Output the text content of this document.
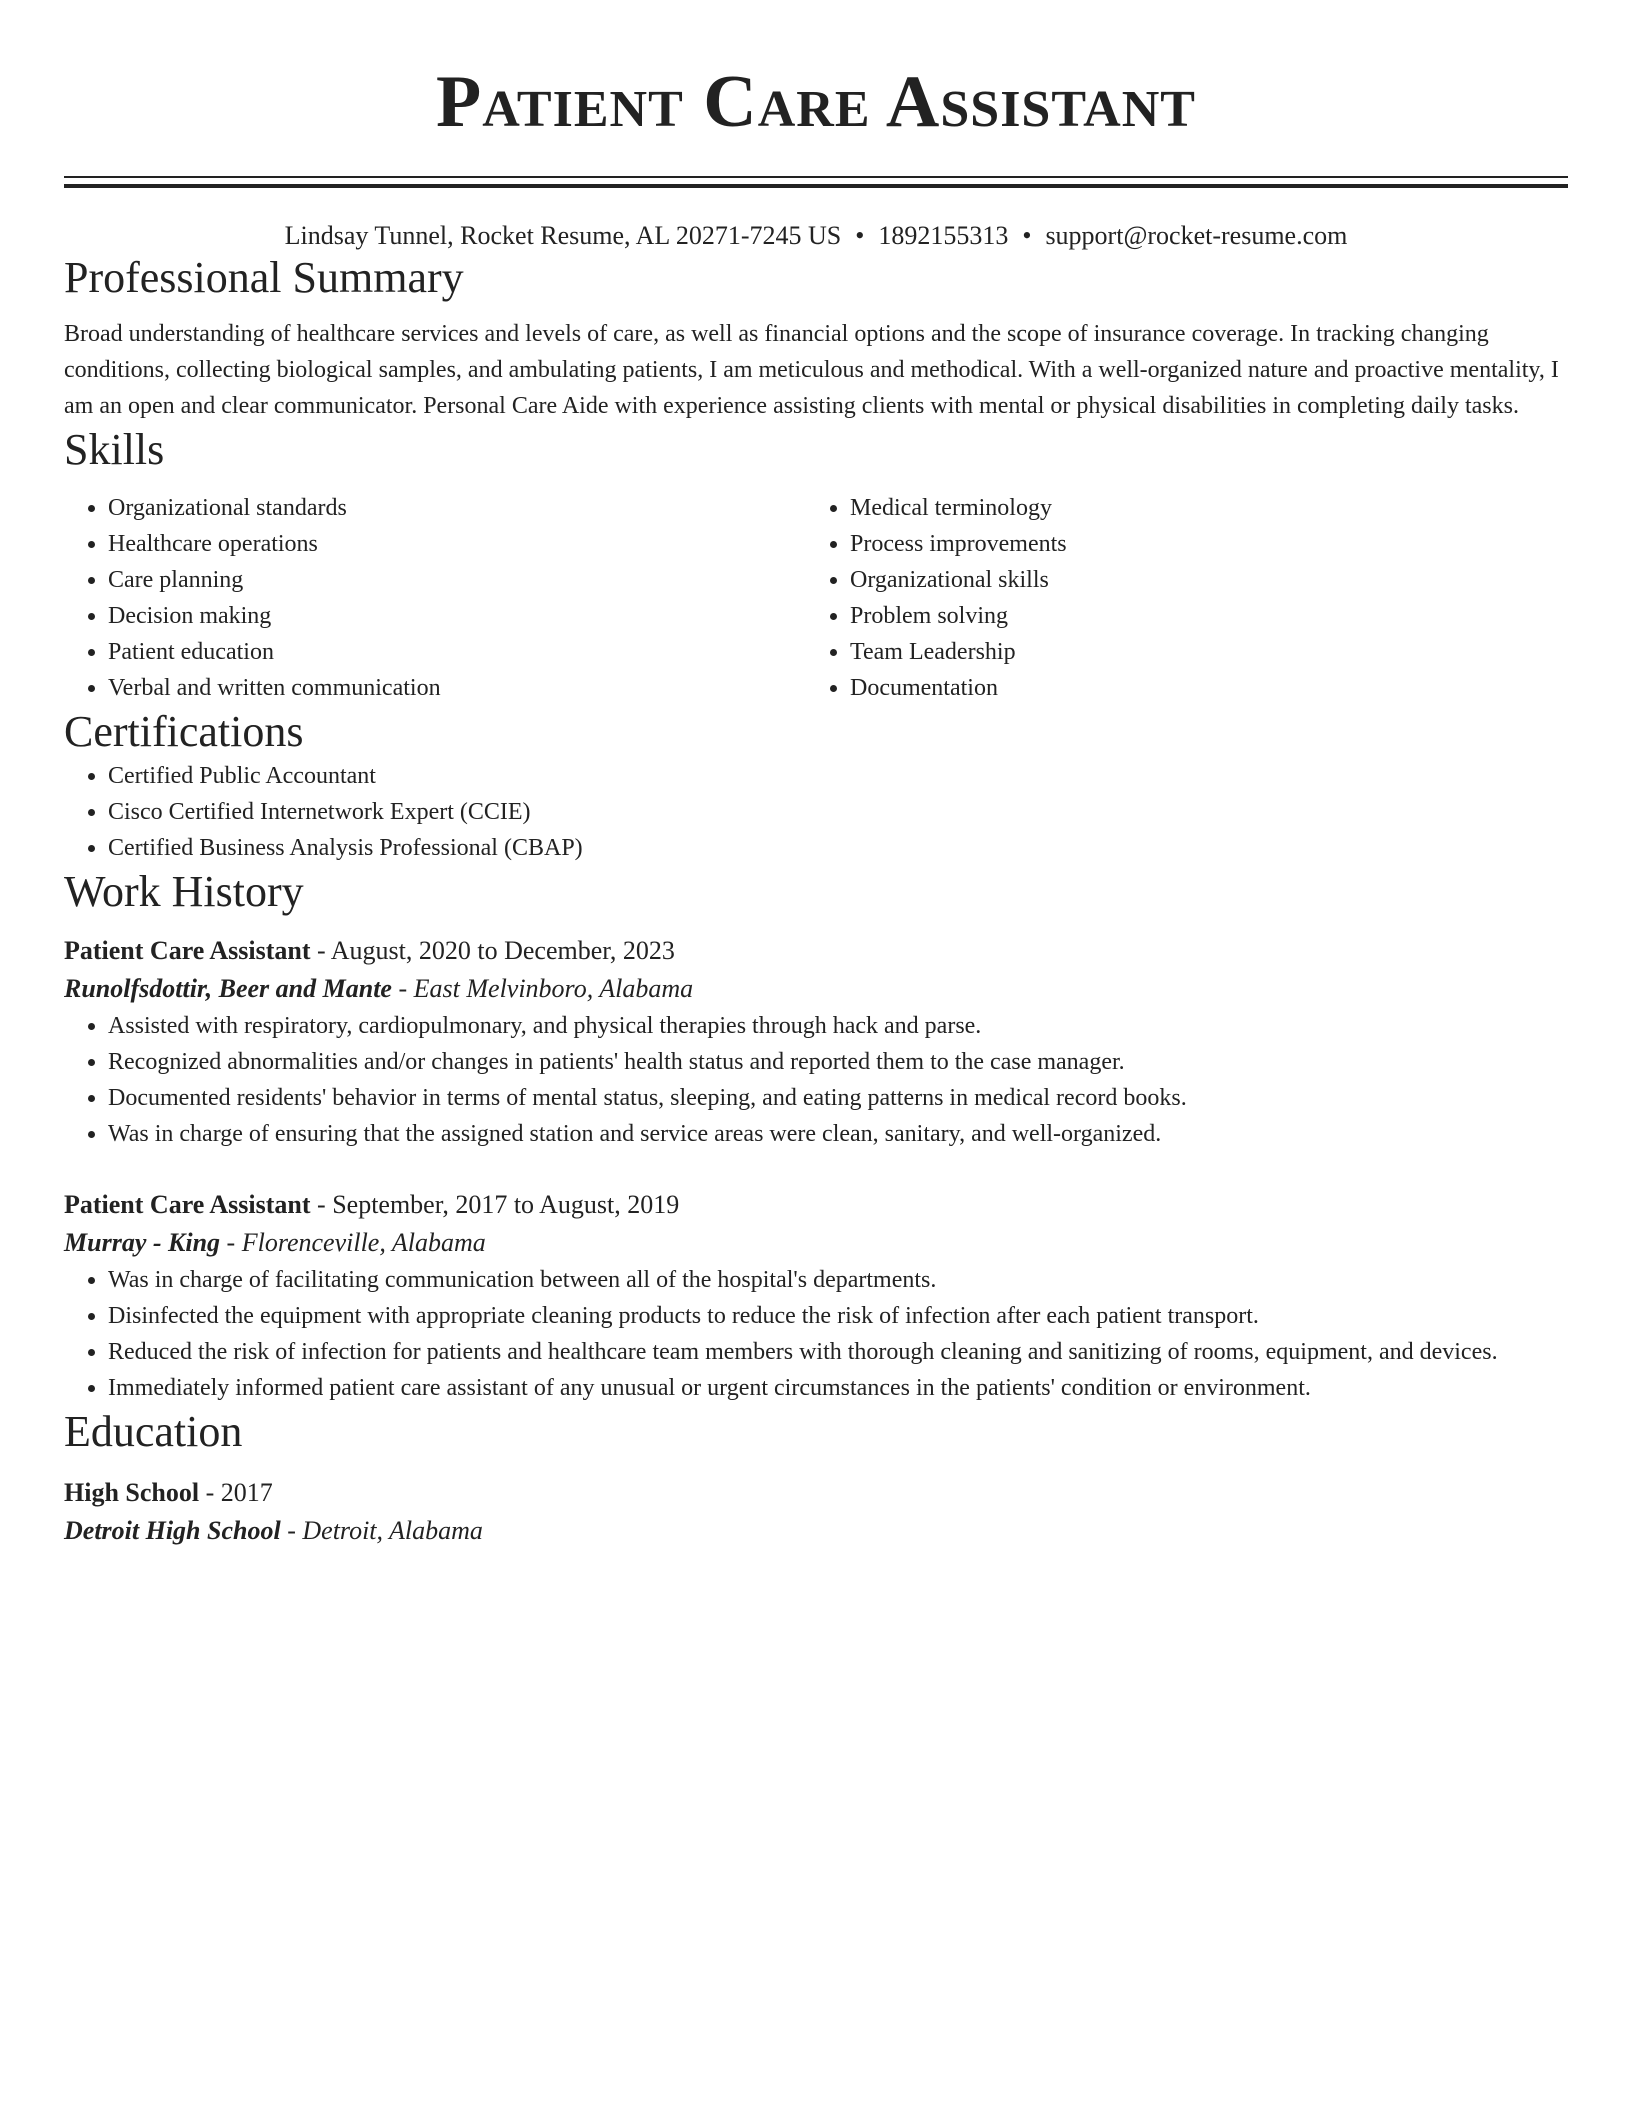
Patient Care Assistant
Lindsay Tunnel, Rocket Resume, AL 20271-7245 US • 1892155313 • support@rocket-resume.com
Professional Summary

Broad understanding of healthcare services and levels of care, as well as financial options and the scope of insurance coverage. In tracking changing conditions, collecting biological samples, and ambulating patients, I am meticulous and methodical. With a well-organized nature and proactive mentality, I am an open and clear communicator. Personal Care Aide with experience assisting clients with mental or physical disabilities in completing daily tasks.

Skills
• Organizational standards
• Healthcare operations
• Care planning
• Decision making
• Patient education
• Verbal and written communication
• Medical terminology
• Process improvements
• Organizational skills
• Problem solving
• Team Leadership
• Documentation
Certifications
• Certified Public Accountant
• Cisco Certified Internetwork Expert (CCIE)
• Certified Business Analysis Professional (CBAP)
Work History
Patient Care Assistant - August, 2020 to December, 2023
Runolfsdottir, Beer and Mante - East Melvinboro, Alabama
• Assisted with respiratory, cardiopulmonary, and physical therapies through hack and parse.
• Recognized abnormalities and/or changes in patients' health status and reported them to the case manager.
• Documented residents' behavior in terms of mental status, sleeping, and eating patterns in medical record books.
• Was in charge of ensuring that the assigned station and service areas were clean, sanitary, and well-organized.
Patient Care Assistant - September, 2017 to August, 2019
Murray - King - Florenceville, Alabama
• Was in charge of facilitating communication between all of the hospital's departments.
• Disinfected the equipment with appropriate cleaning products to reduce the risk of infection after each patient transport.
• Reduced the risk of infection for patients and healthcare team members with thorough cleaning and sanitizing of rooms, equipment, and devices.
• Immediately informed patient care assistant of any unusual or urgent circumstances in the patients' condition or environment.
Education
High School - 2017
Detroit High School - Detroit, Alabama
